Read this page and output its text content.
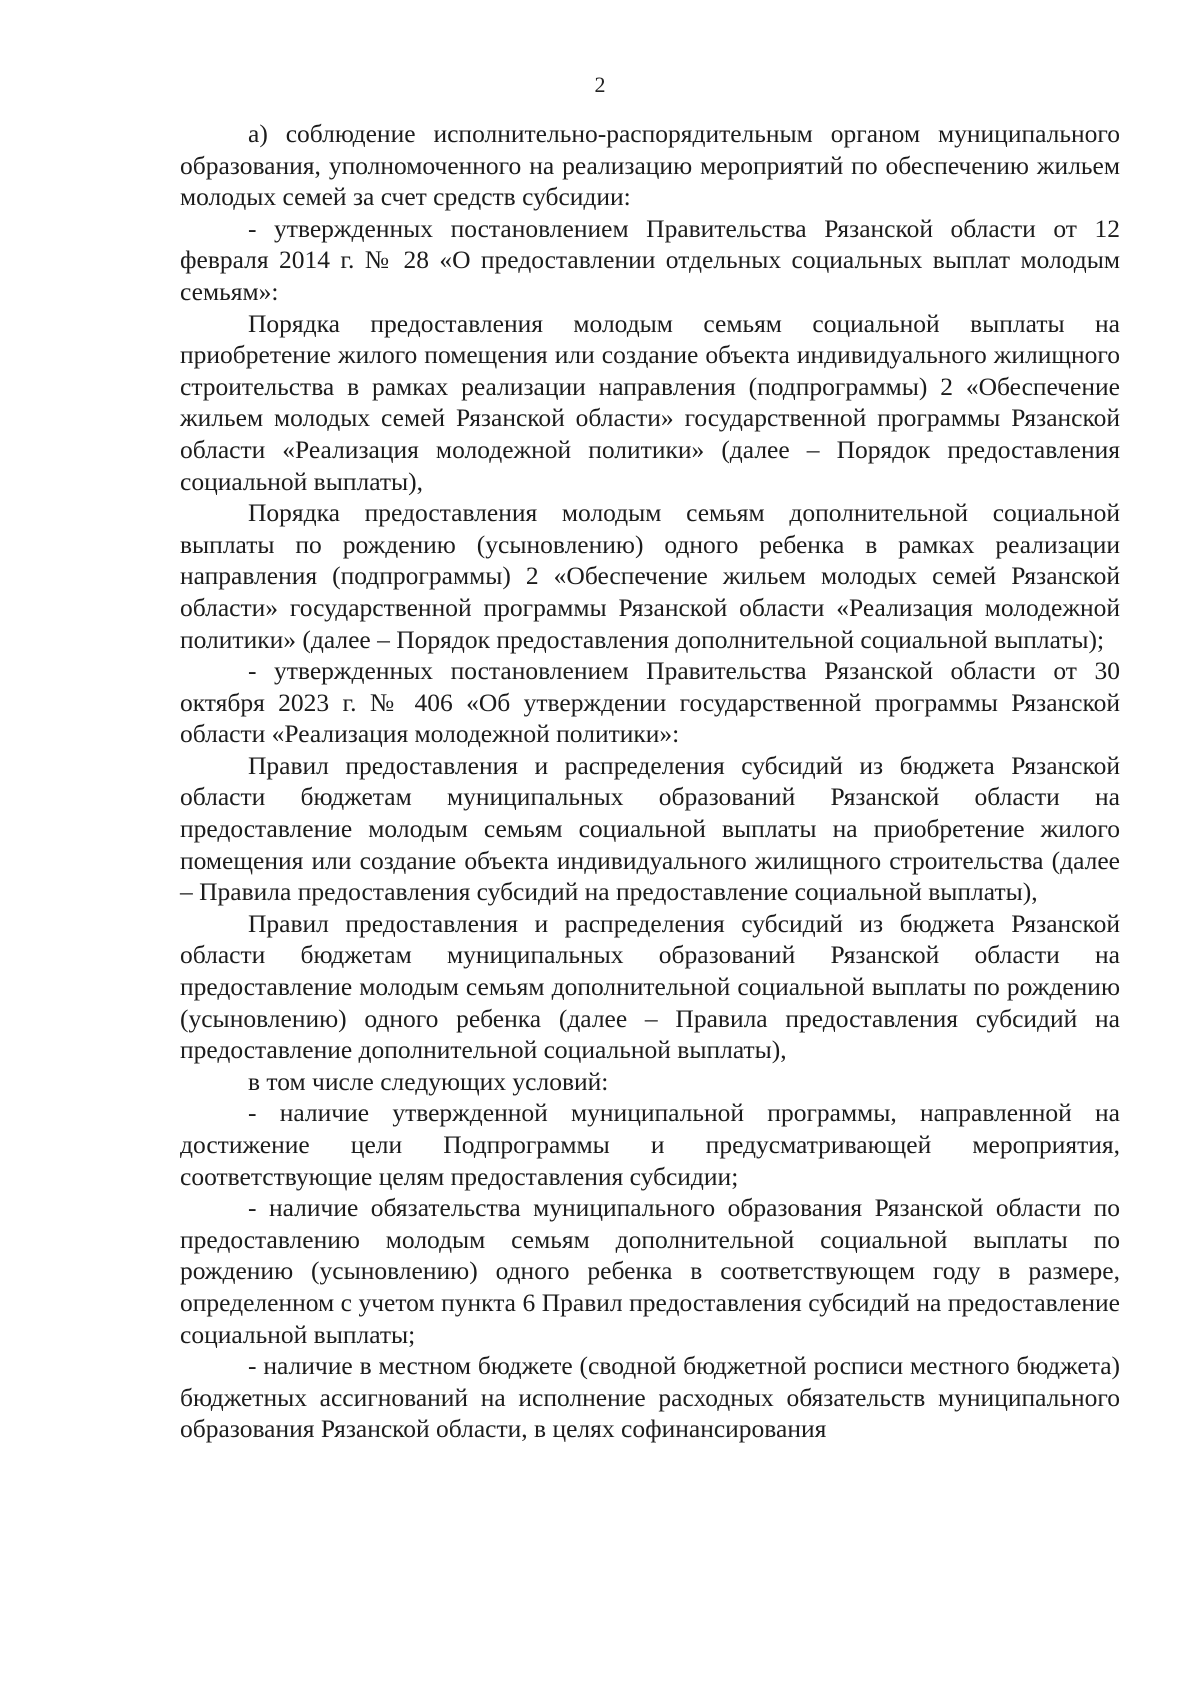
2

а) соблюдение исполнительно-распорядительным органом муниципального образования, уполномоченного на реализацию мероприятий по обеспечению жильем молодых семей за счет средств субсидии:

- утвержденных постановлением Правительства Рязанской области от 12 февраля 2014 г. № 28 «О предоставлении отдельных социальных выплат молодым семьям»:

Порядка предоставления молодым семьям социальной выплаты на приобретение жилого помещения или создание объекта индивидуального жилищного строительства в рамках реализации направления (подпрограммы) 2 «Обеспечение жильем молодых семей Рязанской области» государственной программы Рязанской области «Реализация молодежной политики» (далее – Порядок предоставления социальной выплаты),

Порядка предоставления молодым семьям дополнительной социальной выплаты по рождению (усыновлению) одного ребенка в рамках реализации направления (подпрограммы) 2 «Обеспечение жильем молодых семей Рязанской области» государственной программы Рязанской области «Реализация молодежной политики» (далее – Порядок предоставления дополнительной социальной выплаты);

- утвержденных постановлением Правительства Рязанской области от 30 октября 2023 г. № 406 «Об утверждении государственной программы Рязанской области «Реализация молодежной политики»:

Правил предоставления и распределения субсидий из бюджета Рязанской области бюджетам муниципальных образований Рязанской области на предоставление молодым семьям социальной выплаты на приобретение жилого помещения или создание объекта индивидуального жилищного строительства (далее – Правила предоставления субсидий на предоставление социальной выплаты),

Правил предоставления и распределения субсидий из бюджета Рязанской области бюджетам муниципальных образований Рязанской области на предоставление молодым семьям дополнительной социальной выплаты по рождению (усыновлению) одного ребенка (далее – Правила предоставления субсидий на предоставление дополнительной социальной выплаты),

в том числе следующих условий:

- наличие утвержденной муниципальной программы, направленной на достижение цели Подпрограммы и предусматривающей мероприятия, соответствующие целям предоставления субсидии;

- наличие обязательства муниципального образования Рязанской области по предоставлению молодым семьям дополнительной социальной выплаты по рождению (усыновлению) одного ребенка в соответствующем году в размере, определенном с учетом пункта 6 Правил предоставления субсидий на предоставление социальной выплаты;

- наличие в местном бюджете (сводной бюджетной росписи местного бюджета) бюджетных ассигнований на исполнение расходных обязательств муниципального образования Рязанской области, в целях софинансирования
